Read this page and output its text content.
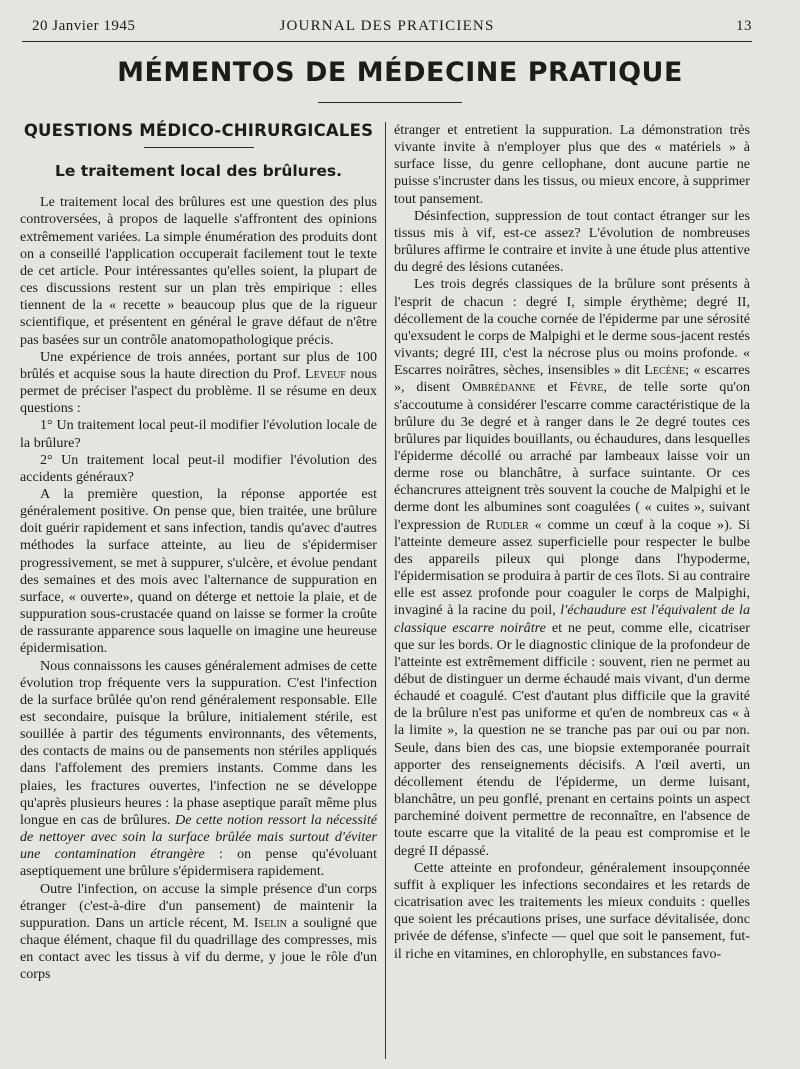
20 Janvier 1945	JOURNAL DES PRATICIENS	13
MÉMENTOS DE MÉDECINE PRATIQUE
QUESTIONS MÉDICO-CHIRURGICALES
Le traitement local des brûlures.

Le traitement local des brûlures est une question des plus controversées, à propos de laquelle s'affrontent des opinions extrêmement variées. La simple énumération des produits dont on a conseillé l'application occuperait facilement tout le texte de cet article. Pour intéressantes qu'elles soient, la plupart de ces discussions restent sur un plan très empirique : elles tiennent de la « recette » beaucoup plus que de la rigueur scientifique, et présentent en général le grave défaut de n'être pas basées sur un contrôle anatomopathologique précis.

Une expérience de trois années, portant sur plus de 100 brûlés et acquise sous la haute direction du Prof. Leveuf nous permet de préciser l'aspect du problème. Il se résume en deux questions :

1° Un traitement local peut-il modifier l'évolution locale de la brûlure?

2° Un traitement local peut-il modifier l'évolution des accidents généraux?

A la première question, la réponse apportée est généralement positive. On pense que, bien traitée, une brûlure doit guérir rapidement et sans infection, tandis qu'avec d'autres méthodes la surface atteinte, au lieu de s'épidermiser progressivement, se met à suppurer, s'ulcère, et évolue pendant des semaines et des mois avec l'alternance de suppuration en surface, « ouverte», quand on déterge et nettoie la plaie, et de suppuration sous-crustacée quand on laisse se former la croûte de rassurante apparence sous laquelle on imagine une heureuse épidermisation.

Nous connaissons les causes généralement admises de cette évolution trop fréquente vers la suppuration. C'est l'infection de la surface brûlée qu'on rend généralement responsable. Elle est secondaire, puisque la brûlure, initialement stérile, est souillée à partir des téguments environnants, des vêtements, des contacts de mains ou de pansements non stériles appliqués dans l'affolement des premiers instants. Comme dans les plaies, les fractures ouvertes, l'infection ne se développe qu'après plusieurs heures : la phase aseptique paraît même plus longue en cas de brûlures. De cette notion ressort la nécessité de nettoyer avec soin la surface brûlée mais surtout d'éviter une contamination étrangère : on pense qu'évoluant aseptiquement une brûlure s'épidermisera rapidement.

Outre l'infection, on accuse la simple présence d'un corps étranger (c'est-à-dire d'un pansement) de maintenir la suppuration. Dans un article récent, M. Iselin a souligné que chaque élément, chaque fil du quadrillage des compresses, mis en contact avec les tissus à vif du derme, y joue le rôle d'un corps

étranger et entretient la suppuration. La démonstration très vivante invite à n'employer plus que des « matériels » à surface lisse, du genre cellophane, dont aucune partie ne puisse s'incruster dans les tissus, ou mieux encore, à supprimer tout pansement.

Désinfection, suppression de tout contact étranger sur les tissus mis à vif, est-ce assez? L'évolution de nombreuses brûlures affirme le contraire et invite à une étude plus attentive du degré des lésions cutanées.

Les trois degrés classiques de la brûlure sont présents à l'esprit de chacun : degré I, simple érythème; degré II, décollement de la couche cornée de l'épiderme par une sérosité qu'exsudent le corps de Malpighi et le derme sous-jacent restés vivants; degré III, c'est la nécrose plus ou moins profonde. « Escarres noirâtres, sèches, insensibles » dit Lecène; « escarres », disent Ombrédanne et Fèvre, de telle sorte qu'on s'accoutume à considérer l'escarre comme caractéristique de la brûlure du 3e degré et à ranger dans le 2e degré toutes ces brûlures par liquides bouillants, ou échaudures, dans lesquelles l'épiderme décollé ou arraché par lambeaux laisse voir un derme rose ou blanchâtre, à surface suintante. Or ces échancrures atteignent très souvent la couche de Malpighi et le derme dont les albumines sont coagulées ( « cuites », suivant l'expression de Rudler « comme un cœuf à la coque »). Si l'atteinte demeure assez superficielle pour respecter le bulbe des appareils pileux qui plonge dans l'hypoderme, l'épidermisation se produira à partir de ces îlots. Si au contraire elle est assez profonde pour coaguler le corps de Malpighi, invaginé à la racine du poil, l'échaudure est l'équivalent de la classique escarre noirâtre et ne peut, comme elle, cicatriser que sur les bords. Or le diagnostic clinique de la profondeur de l'atteinte est extrêmement difficile : souvent, rien ne permet au début de distinguer un derme échaudé mais vivant, d'un derme échaudé et coagulé. C'est d'autant plus difficile que la gravité de la brûlure n'est pas uniforme et qu'en de nombreux cas « à la limite », la question ne se tranche pas par oui ou par non. Seule, dans bien des cas, une biopsie extemporanée pourrait apporter des renseignements décisifs. A l'œil averti, un décollement étendu de l'épiderme, un derme luisant, blanchâtre, un peu gonflé, prenant en certains points un aspect parcheminé doivent permettre de reconnaître, en l'absence de toute escarre que la vitalité de la peau est compromise et le degré II dépassé.

Cette atteinte en profondeur, généralement insoupçonnée suffit à expliquer les infections secondaires et les retards de cicatrisation avec les traitements les mieux conduits : quelles que soient les précautions prises, une surface dévitalisée, donc privée de défense, s'infecte — quel que soit le pansement, fut-il riche en vitamines, en chlorophylle, en substances favo-
